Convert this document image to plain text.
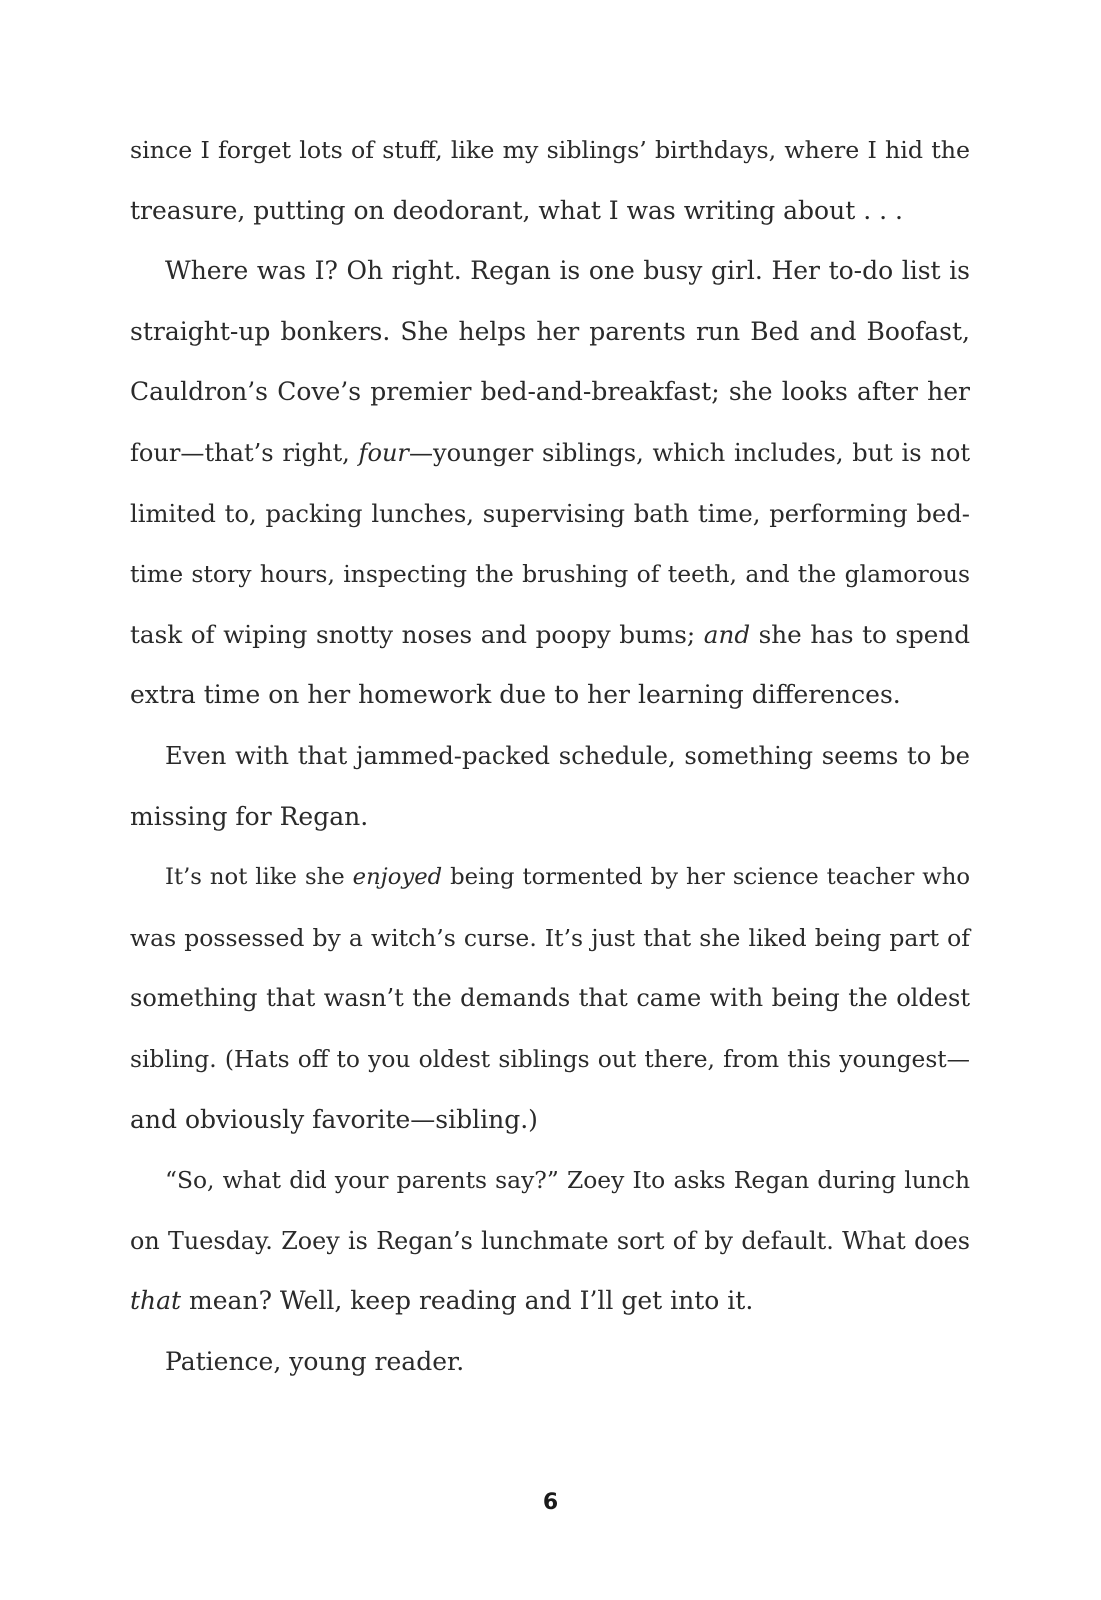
since I forget lots of stuff, like my siblings’ birthdays, where I hid the
treasure, putting on deodorant, what I was writing about . . .
Where was I? Oh right. Regan is one busy girl. Her to-do list is
straight-up bonkers. She helps her parents run Bed and Boofast,
Cauldron’s Cove’s premier bed-and-breakfast; she looks after her
four—that’s right, four—younger siblings, which includes, but is not
limited to, packing lunches, supervising bath time, performing bed-
time story hours, inspecting the brushing of teeth, and the glamorous
task of wiping snotty noses and poopy bums; and she has to spend
extra time on her homework due to her learning differences.
Even with that jammed-packed schedule, something seems to be
missing for Regan.
It’s not like she enjoyed being tormented by her science teacher who
was possessed by a witch’s curse. It’s just that she liked being part of
something that wasn’t the demands that came with being the oldest
sibling. (Hats off to you oldest siblings out there, from this youngest—
and obviously favorite—sibling.)
“So, what did your parents say?” Zoey Ito asks Regan during lunch
on Tuesday. Zoey is Regan’s lunchmate sort of by default. What does
that mean? Well, keep reading and I’ll get into it.
Patience, young reader.
6
